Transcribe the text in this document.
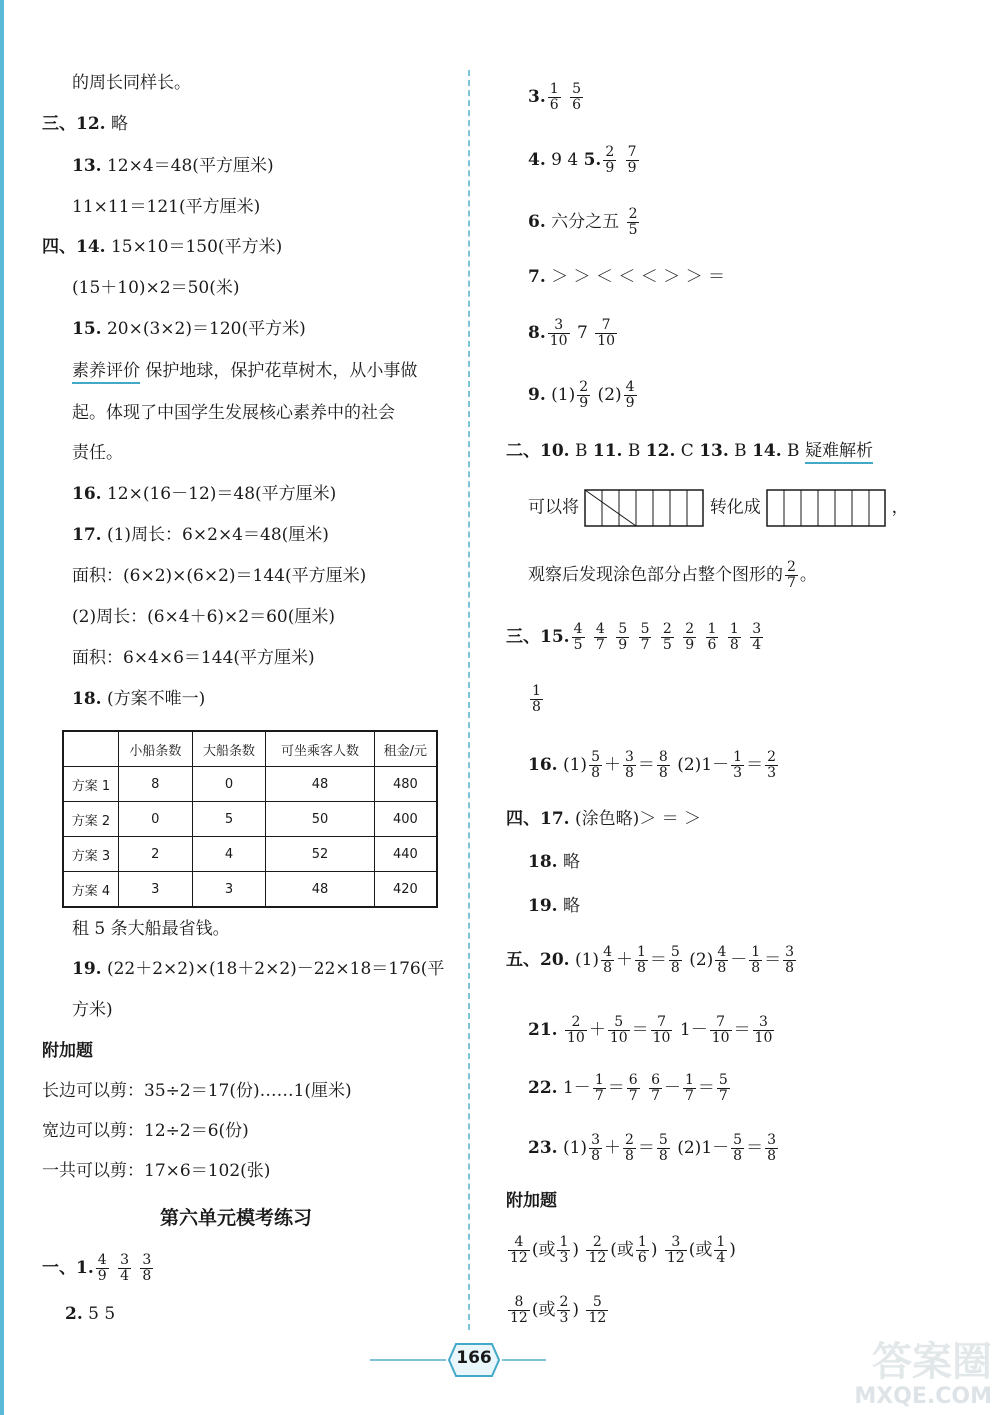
的周长同样长。
三、12. 略
13. 12×4＝48(平方厘米)
11×11＝121(平方厘米)
四、14. 15×10＝150(平方米)
(15＋10)×2＝50(米)
15. 20×(3×2)＝120(平方米)
素养评价 保护地球，保护花草树木，从小事做
起。体现了中国学生发展核心素养中的社会
责任。
16. 12×(16－12)＝48(平方厘米)
17. (1)周长：6×2×4＝48(厘米)
面积：(6×2)×(6×2)＝144(平方厘米)
(2)周长：(6×4＋6)×2＝60(厘米)
面积：6×4×6＝144(平方厘米)
18. (方案不唯一)
	小船条数	大船条数	可坐乘客人数	租金/元
方案 1	8	0	48	480
方案 2	0	5	50	400
方案 3	2	4	52	440
方案 4	3	3	48	420
租 5 条大船最省钱。
19. (22＋2×2)×(18＋2×2)－22×18＝176(平
方米)
附加题
长边可以剪：35÷2＝17(份)……1(厘米)
宽边可以剪：12÷2＝6(份)
一共可以剪：17×6＝102(张)
第六单元模考练习
一、1. $\frac{4}{9}$
$\frac{3}{4}$
$\frac{3}{8}$
2. 5 5
3. $\frac{1}{6}$
$\frac{5}{6}$
4. 9 4 5. $\frac{2}{9}$
$\frac{7}{9}$
6. 六分之五 $\frac{2}{5}$
7. ＞ ＞ ＜ ＜ ＜ ＞ ＞ ＝
8. $\frac{3}{10} 7 \frac{7}{10}$
9. $(1) \frac{2}{9} (2) \frac{4}{9}$
二、10. B 11. B 12. C 13. B 14. B 疑难解析
可以将	转化成	，
观察后发现涂色部分占整个图形的 $\frac{2}{7}$ 。
三、15. $\frac{4}{5}$
$\frac{4}{7}$
$\frac{5}{9}$
$\frac{5}{7}$
$\frac{2}{5}$
$\frac{2}{9}$
$\frac{1}{6}$
$\frac{1}{8}$
$\frac{3}{4}$
$\frac{1}{8}$
16. $(1) \frac{5}{8} + \frac{3}{8} = \frac{8}{8} (2)1- \frac{1}{3} = \frac{2}{3}$
四、17. (涂色略)＞ ＝ ＞
18. 略
19. 略
五、20. $(1) \frac{4}{8} + \frac{1}{8} = \frac{5}{8} (2) \frac{4}{8} - \frac{1}{8} = \frac{3}{8}$
21. $\frac{2}{10} + \frac{5}{10} = \frac{7}{10} 1- \frac{7}{10} = \frac{3}{10}$
22. $1- \frac{1}{7} = \frac{6}{7}$
$\frac{6}{7} - \frac{1}{7} = \frac{5}{7}$
23. $(1) \frac{3}{8} + \frac{2}{8} = \frac{5}{8} (2)1- \frac{5}{8} = \frac{3}{8}$
附加题
$\frac{4}{12}$ (或 $\frac{1}{3}$ ) $\frac{2}{12}$ (或 $\frac{1}{6}$ ) $\frac{3}{12}$ (或 $\frac{1}{4}$ )
$\frac{8}{12}$ (或 $\frac{2}{3}$ ) $\frac{5}{12}$
166	答案圈
MXQE.COM
